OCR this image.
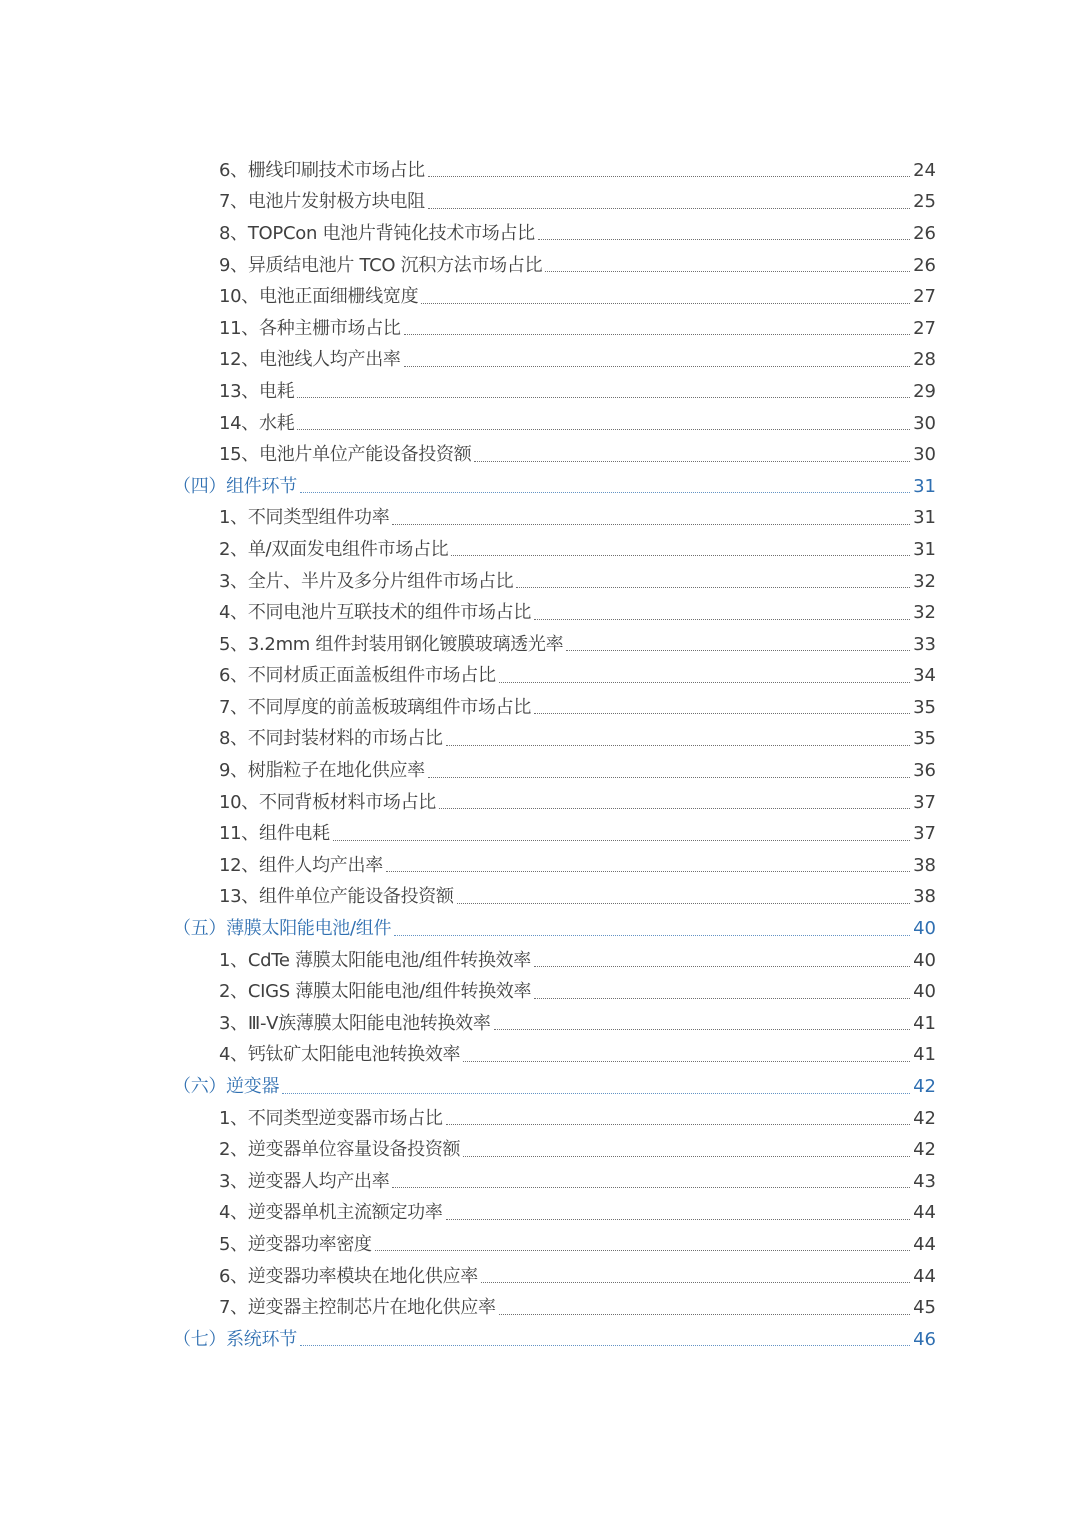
6、栅线印刷技术市场占比	24
7、电池片发射极方块电阻	25
8、TOPCon 电池片背钝化技术市场占比	26
9、异质结电池片 TCO 沉积方法市场占比	26
10、电池正面细栅线宽度	27
11、各种主栅市场占比	27
12、电池线人均产出率	28
13、电耗	29
14、水耗	30
15、电池片单位产能设备投资额	30
（四）组件环节	31
1、不同类型组件功率	31
2、单/双面发电组件市场占比	31
3、全片、半片及多分片组件市场占比	32
4、不同电池片互联技术的组件市场占比	32
5、3.2mm 组件封装用钢化镀膜玻璃透光率	33
6、不同材质正面盖板组件市场占比	34
7、不同厚度的前盖板玻璃组件市场占比	35
8、不同封装材料的市场占比	35
9、树脂粒子在地化供应率	36
10、不同背板材料市场占比	37
11、组件电耗	37
12、组件人均产出率	38
13、组件单位产能设备投资额	38
（五）薄膜太阳能电池/组件	40
1、CdTe 薄膜太阳能电池/组件转换效率	40
2、CIGS 薄膜太阳能电池/组件转换效率	40
3、Ⅲ-Ⅴ族薄膜太阳能电池转换效率	41
4、钙钛矿太阳能电池转换效率	41
（六）逆变器	42
1、不同类型逆变器市场占比	42
2、逆变器单位容量设备投资额	42
3、逆变器人均产出率	43
4、逆变器单机主流额定功率	44
5、逆变器功率密度	44
6、逆变器功率模块在地化供应率	44
7、逆变器主控制芯片在地化供应率	45
（七）系统环节	46
